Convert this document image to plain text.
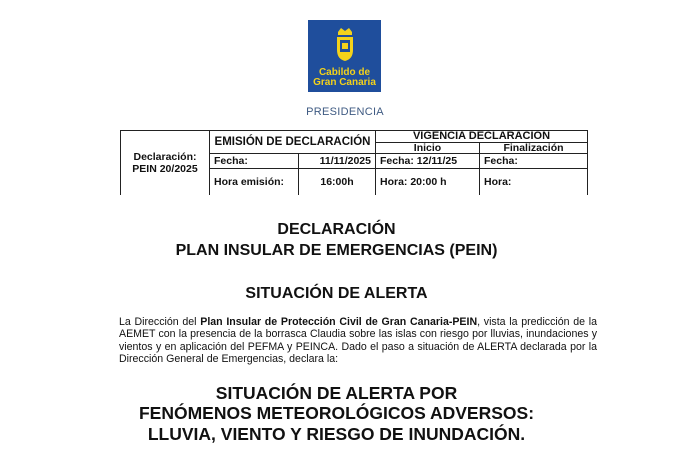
Cabildo de
Gran Canaria
PRESIDENCIA
Declaración:
PEIN 20/2025	EMISIÓN DE DECLARACIÓN		VIGENCIA DECLARACION	
			Inicio	Finalización
	Fecha:	11/11/2025	Fecha: 12/11/25	Fecha:
	Hora emisión:	16:00h	Hora: 20:00 h	Hora:
DECLARACIÓN
PLAN INSULAR DE EMERGENCIAS (PEIN)
SITUACIÓN DE ALERTA
La Dirección del Plan Insular de Protección Civil de Gran Canaria-PEIN, vista la predicción de la AEMET con la presencia de la borrasca Claudia sobre las islas con riesgo por lluvias, inundaciones y vientos y en aplicación del PEFMA y PEINCA. Dado el paso a situación de ALERTA declarada por la Dirección General de Emergencias, declara la:
SITUACIÓN DE ALERTA POR
FENÓMENOS METEOROLÓGICOS ADVERSOS:
LLUVIA, VIENTO Y RIESGO DE INUNDACIÓN.
